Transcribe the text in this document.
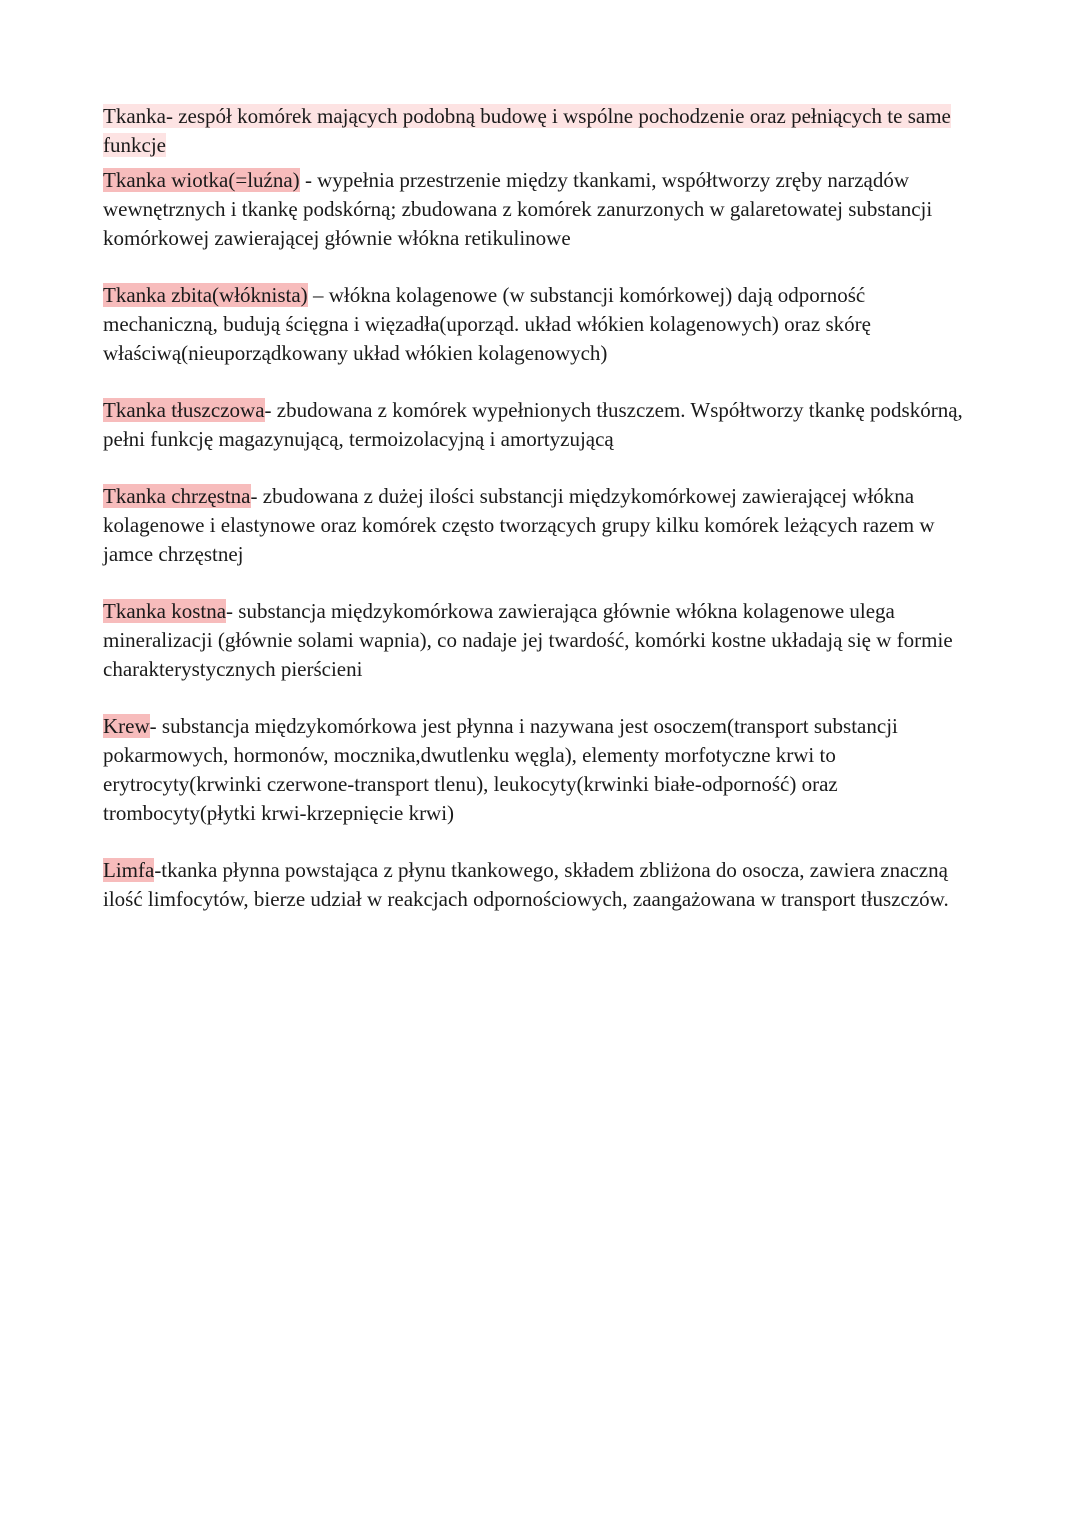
Tkanka- zespół komórek mających podobną budowę i wspólne pochodzenie oraz pełniących te same funkcje

Tkanka wiotka(=luźna) - wypełnia przestrzenie między tkankami, współtworzy zręby narządów wewnętrznych i tkankę podskórną; zbudowana z komórek zanurzonych w galaretowatej substancji komórkowej zawierającej głównie włókna retikulinowe

Tkanka zbita(włóknista) – włókna kolagenowe (w substancji komórkowej) dają odporność mechaniczną, budują ścięgna i więzadła(uporząd. układ włókien kolagenowych) oraz skórę właściwą(nieuporządkowany układ włókien kolagenowych)

Tkanka tłuszczowa- zbudowana z komórek wypełnionych tłuszczem. Współtworzy tkankę podskórną, pełni funkcję magazynującą, termoizolacyjną i amortyzującą

Tkanka chrzęstna- zbudowana z dużej ilości substancji międzykomórkowej zawierającej włókna kolagenowe i elastynowe oraz komórek często tworzących grupy kilku komórek leżących razem w jamce chrzęstnej

Tkanka kostna- substancja międzykomórkowa zawierająca głównie włókna kolagenowe ulega mineralizacji (głównie solami wapnia), co nadaje jej twardość, komórki kostne układają się w formie charakterystycznych pierścieni

Krew- substancja międzykomórkowa jest płynna i nazywana jest osoczem(transport substancji pokarmowych, hormonów, mocznika,dwutlenku węgla), elementy morfotyczne krwi to erytrocyty(krwinki czerwone-transport tlenu), leukocyty(krwinki białe-odporność) oraz trombocyty(płytki krwi-krzepnięcie krwi)

Limfa-tkanka płynna powstająca z płynu tkankowego, składem zbliżona do osocza, zawiera znaczną ilość limfocytów, bierze udział w reakcjach odpornościowych, zaangażowana w transport tłuszczów.
